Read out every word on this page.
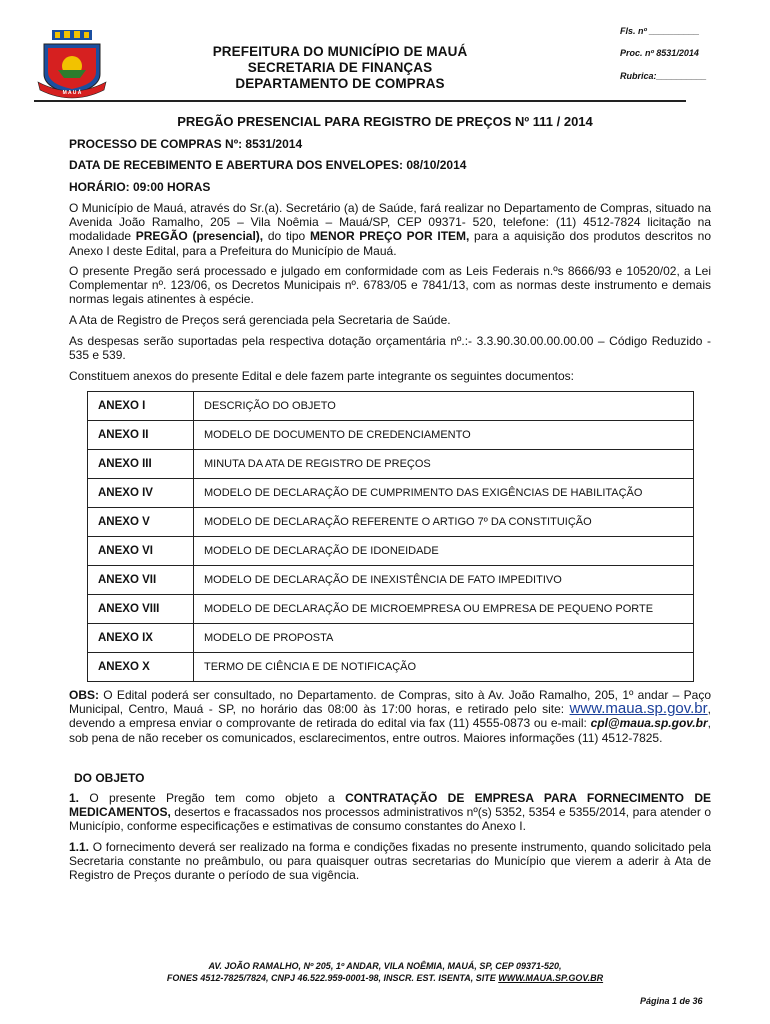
M A U Á
PREFEITURA DO MUNICÍPIO DE MAUÁ
SECRETARIA DE FINANÇAS
DEPARTAMENTO DE COMPRAS
Fls. nº __________
Proc. nº 8531/2014
Rubrica:__________
PREGÃO PRESENCIAL PARA REGISTRO DE PREÇOS Nº 111 / 2014
PROCESSO DE COMPRAS Nº: 8531/2014
DATA DE RECEBIMENTO E ABERTURA DOS ENVELOPES: 08/10/2014
HORÁRIO: 09:00 HORAS
O Município de Mauá, através do Sr.(a). Secretário (a) de Saúde, fará realizar no Departamento de Compras, situado na Avenida João Ramalho, 205 – Vila Noêmia – Mauá/SP, CEP 09371- 520, telefone: (11) 4512-7824 licitação na modalidade PREGÃO (presencial), do tipo MENOR PREÇO POR ITEM, para a aquisição dos produtos descritos no Anexo I deste Edital, para a Prefeitura do Município de Mauá.
O presente Pregão será processado e julgado em conformidade com as Leis Federais n.ºs 8666/93 e 10520/02, a Lei Complementar nº. 123/06, os Decretos Municipais nº. 6783/05 e 7841/13, com as normas deste instrumento e demais normas legais atinentes à espécie.
A Ata de Registro de Preços será gerenciada pela Secretaria de Saúde.
As despesas serão suportadas pela respectiva dotação orçamentária nº.:- 3.3.90.30.00.00.00.00 – Código Reduzido - 535 e 539.
Constituem anexos do presente Edital e dele fazem parte integrante os seguintes documentos:
ANEXO I	DESCRIÇÃO DO OBJETO
ANEXO II	MODELO DE DOCUMENTO DE CREDENCIAMENTO
ANEXO III	MINUTA DA ATA DE REGISTRO DE PREÇOS
ANEXO IV	MODELO DE DECLARAÇÃO DE CUMPRIMENTO DAS EXIGÊNCIAS DE HABILITAÇÃO
ANEXO V	MODELO DE DECLARAÇÃO REFERENTE O ARTIGO 7º DA CONSTITUIÇÃO
ANEXO VI	MODELO DE DECLARAÇÃO DE IDONEIDADE
ANEXO VII	MODELO DE DECLARAÇÃO DE INEXISTÊNCIA DE FATO IMPEDITIVO
ANEXO VIII	MODELO DE DECLARAÇÃO DE MICROEMPRESA OU EMPRESA DE PEQUENO PORTE
ANEXO IX	MODELO DE PROPOSTA
ANEXO X	TERMO DE CIÊNCIA E DE NOTIFICAÇÃO
OBS: O Edital poderá ser consultado, no Departamento. de Compras, sito à Av. João Ramalho, 205, 1º andar – Paço Municipal, Centro, Mauá - SP, no horário das 08:00 às 17:00 horas, e retirado pelo site: www.maua.sp.gov.br, devendo a empresa enviar o comprovante de retirada do edital via fax (11) 4555-0873 ou e-mail: cpl@maua.sp.gov.br, sob pena de não receber os comunicados, esclarecimentos, entre outros. Maiores informações (11) 4512-7825.
DO OBJETO
1. O presente Pregão tem como objeto a CONTRATAÇÃO DE EMPRESA PARA FORNECIMENTO DE MEDICAMENTOS, desertos e fracassados nos processos administrativos nº(s) 5352, 5354 e 5355/2014, para atender o Município, conforme especificações e estimativas de consumo constantes do Anexo I.
1.1. O fornecimento deverá ser realizado na forma e condições fixadas no presente instrumento, quando solicitado pela Secretaria constante no preâmbulo, ou para quaisquer outras secretarias do Município que vierem a aderir à Ata de Registro de Preços durante o período de sua vigência.
AV. JOÃO RAMALHO, Nº 205, 1º ANDAR, VILA NOÊMIA, MAUÁ, SP, CEP 09371-520,
FONES 4512-7825/7824, CNPJ 46.522.959-0001-98, INSCR. EST. ISENTA, SITE WWW.MAUA.SP.GOV.BR
Página 1 de 36
